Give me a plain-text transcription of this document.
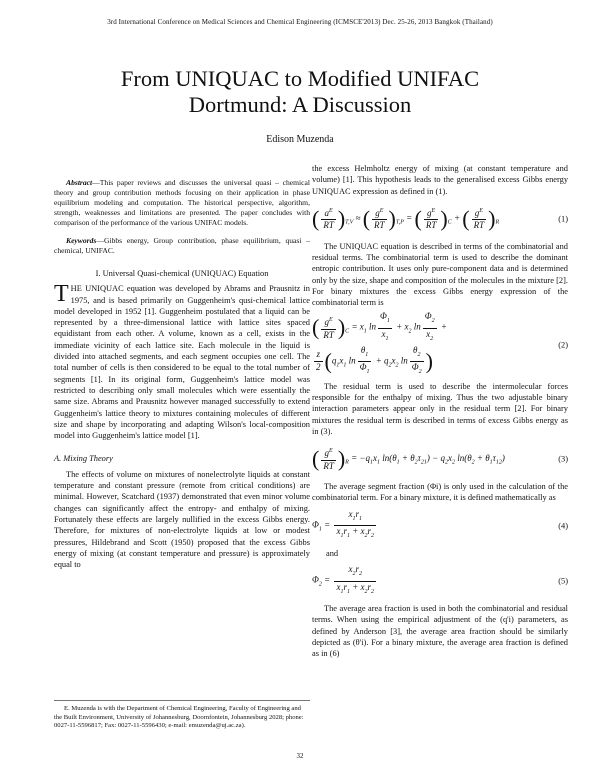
3rd International Conference on Medical Sciences and Chemical Engineering (ICMSCE'2013) Dec. 25-26, 2013 Bangkok (Thailand)
From UNIQUAC to Modified UNIFAC
Dortmund: A Discussion
Edison Muzenda

Abstract—This paper reviews and discusses the universal quasi – chemical theory and group contribution methods focusing on their application in phase equilibrium modeling and computation. The historical perspective, algorithm, strength, weaknesses and limitations are presented. The paper concludes with comparison of the performance of the various UNIFAC models.

Keywords—Gibbs energy, Group contribution, phase equilibrium, quasi –chemical, UNIFAC.

I. Universal Quasi-chemical (UNIQUAC) Equation

THE UNIQUAC equation was developed by Abrams and Prausnitz in 1975, and is based primarily on Guggenheim's qusi-chemical lattice model developed in 1952 [1]. Guggenheim postulated that a liquid can be represented by a three-dimensional lattice with lattice sites spaced equidistant from each other. A volume, known as a cell, exists in the immediate vicinity of each lattice site. Each molecule in the liquid is divided into attached segments, and each segment occupies one cell. The total number of cells is then considered to be equal to the total number of segments [1]. In its original form, Guggenheim's lattice model was restricted to describing only small molecules which were essentially the same size. Abrams and Prausnitz however managed successfully to extend Guggenheim's lattice theory to mixtures containing molecules of different size and shape by incorporating and adapting Wilson's local-composition model into Guggenheim's lattice model [1].

A. Mixing Theory

The effects of volume on mixtures of nonelectrolyte liquids at constant temperature and constant pressure (remote from critical conditions) are minimal. However, Scatchard (1937) demonstrated that even minor volume changes can significantly affect the entropy- and enthalpy of mixing. Fortunately these effects are largely nullified in the excess Gibbs energy. Therefore, for mixtures of non-electrolyte liquids at low or modest pressures, Hildebrand and Scott (1950) proposed that the excess Gibbs energy of mixing (at constant temperature and pressure) is approximately equal to

E. Muzenda is with the Department of Chemical Engineering, Faculty of Engineering and the Built Environment, University of Johannesburg, Doornfontein, Johannesburg 2028; phone: 0027-11-5596817; Fax: 0027-11-5596430; e-mail: emuzenda@uj.ac.za).

the excess Helmholtz energy of mixing (at constant temperature and volume) [1]. This hypothesis leads to the generalised excess Gibbs energy UNIQUAC expression as defined in (1).

( $\frac{a^E}{RT} )_{T,V}$ ≈ ( $\frac{g^E}{RT} )_{T,P}$ = ( $\frac{g^E}{RT} )_C$ + ( $\frac{g^E}{RT} )_R$	(1)

The UNIQUAC equation is described in terms of the combinatorial and residual terms. The combinatorial term is used to describe the dominant entropic contribution. It uses only pure-component data and is determined only by the size, shape and composition of the molecules in the mixture [2]. For binary mixtures the excess Gibbs energy expression of the combinatorial term is

( $\frac{g^E}{RT} )_C = x_1$ $\ln \frac{\Phi_1}{x_1} + x_2$ $\ln \frac{\Phi_2}{x_2}$ +

$\frac{z}{2} (q_1x_1$ $\ln \frac{\theta_1}{\Phi_1} + q_2x_2$ $\ln \frac{\theta_2}{\Phi_2}$ )
(2)

The residual term is used to describe the intermolecular forces responsible for the enthalpy of mixing. Thus the two adjustable binary interaction parameters appear only in the residual term [2]. For binary mixtures the residual term is described in terms of excess Gibbs energy as in (3).

( $\frac{g^E}{RT} )_R = -q_1x_1$ $\ln(\theta_1 + \theta_2\tau_{21}) - q_2x_2$ $\ln(\theta_2 + \theta_1\tau_{12})$	(3)

The average segment fraction (Φi) is only used in the calculation of the combinatorial term. For a binary mixture, it is defined mathematically as

$\Phi_1 = \frac{x_1r_1}{x_1r_1 + x_2r_2}$	(4)

and

$\Phi_2 = \frac{x_2r_2}{x_1r_1 + x_2r_2}$	(5)

The average area fraction is used in both the combinatorial and residual terms. When using the empirical adjustment of the (q'i) parameters, as defined by Anderson [3], the average area fraction should be similarly depicted as (θ'i). For a binary mixture, the average area fraction is defined as in (6)

32
